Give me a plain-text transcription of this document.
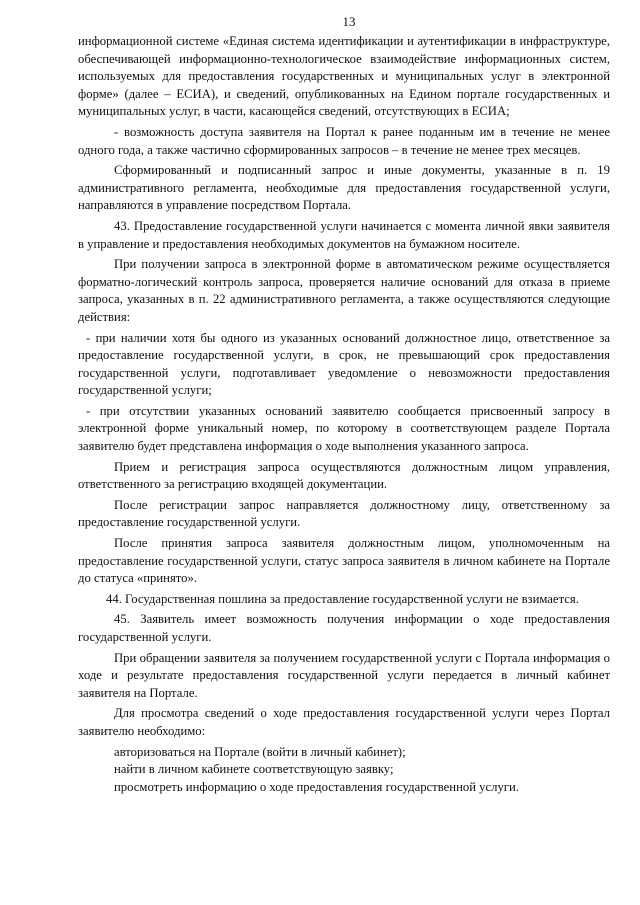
13

информационной системе «Единая система идентификации и аутентификации в инфраструктуре, обеспечивающей информационно-технологическое взаимодействие информационных систем, используемых для предоставления государственных и муниципальных услуг в электронной форме» (далее – ЕСИА), и сведений, опубликованных на Едином портале государственных и муниципальных услуг, в части, касающейся сведений, отсутствующих в ЕСИА;

- возможность доступа заявителя на Портал к ранее поданным им в течение не менее одного года, а также частично сформированных запросов – в течение не менее трех месяцев.

Сформированный и подписанный запрос и иные документы, указанные в п. 19 административного регламента, необходимые для предоставления государственной услуги, направляются в управление посредством Портала.

43. Предоставление государственной услуги начинается с момента личной явки заявителя в управление и предоставления необходимых документов на бумажном носителе.

При получении запроса в электронной форме в автоматическом режиме осуществляется форматно-логический контроль запроса, проверяется наличие оснований для отказа в приеме запроса, указанных в п. 22 административного регламента, а также осуществляются следующие действия:

- при наличии хотя бы одного из указанных оснований должностное лицо, ответственное за предоставление государственной услуги, в срок, не превышающий срок предоставления государственной услуги, подготавливает уведомление о невозможности предоставления государственной услуги;

- при отсутствии указанных оснований заявителю сообщается присвоенный запросу в электронной форме уникальный номер, по которому в соответствующем разделе Портала заявителю будет представлена информация о ходе выполнения указанного запроса.

Прием и регистрация запроса осуществляются должностным лицом управления, ответственного за регистрацию входящей документации.

После регистрации запрос направляется должностному лицу, ответственному за предоставление государственной услуги.

После принятия запроса заявителя должностным лицом, уполномоченным на предоставление государственной услуги, статус запроса заявителя в личном кабинете на Портале до статуса «принято».

44. Государственная пошлина за предоставление государственной услуги не взимается.

45. Заявитель имеет возможность получения информации о ходе предоставления государственной услуги.

При обращении заявителя за получением государственной услуги с Портала информация о ходе и результате предоставления государственной услуги передается в личный кабинет заявителя на Портале.

Для просмотра сведений о ходе предоставления государственной услуги через Портал заявителю необходимо:

авторизоваться на Портале (войти в личный кабинет);

найти в личном кабинете соответствующую заявку;

просмотреть информацию о ходе предоставления государственной услуги.
